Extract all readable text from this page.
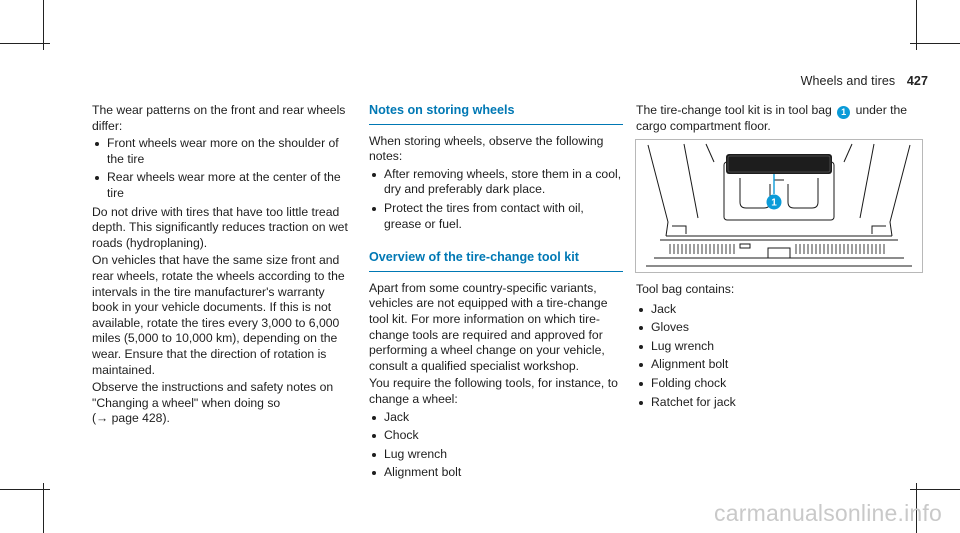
Wheels and tires 427

The wear patterns on the front and rear wheels differ:

Front wheels wear more on the shoulder of the tire
Rear wheels wear more at the center of the tire

Do not drive with tires that have too little tread depth. This significantly reduces traction on wet roads (hydroplaning).

On vehicles that have the same size front and rear wheels, rotate the wheels according to the intervals in the tire manufacturer's warranty book in your vehicle documents. If this is not available, rotate the tires every 3,000 to 6,000 miles (5,000 to 10,000 km), depending on the wear. Ensure that the direction of rotation is maintained.

Observe the instructions and safety notes on "Changing a wheel" when doing so
(→ page 428).

Notes on storing wheels

When storing wheels, observe the following notes:

After removing wheels, store them in a cool, dry and preferably dark place.
Protect the tires from contact with oil, grease or fuel.
Overview of the tire-change tool kit

Apart from some country-specific variants, vehicles are not equipped with a tire-change tool kit. For more information on which tire-change tools are required and approved for performing a wheel change on your vehicle, consult a qualified specialist workshop.

You require the following tools, for instance, to change a wheel:

Jack
Chock
Lug wrench
Alignment bolt

The tire-change tool kit is in tool bag 1 under the cargo compartment floor.

1

Tool bag contains:

Jack
Gloves
Lug wrench
Alignment bolt
Folding chock
Ratchet for jack
carmanualsonline.info
